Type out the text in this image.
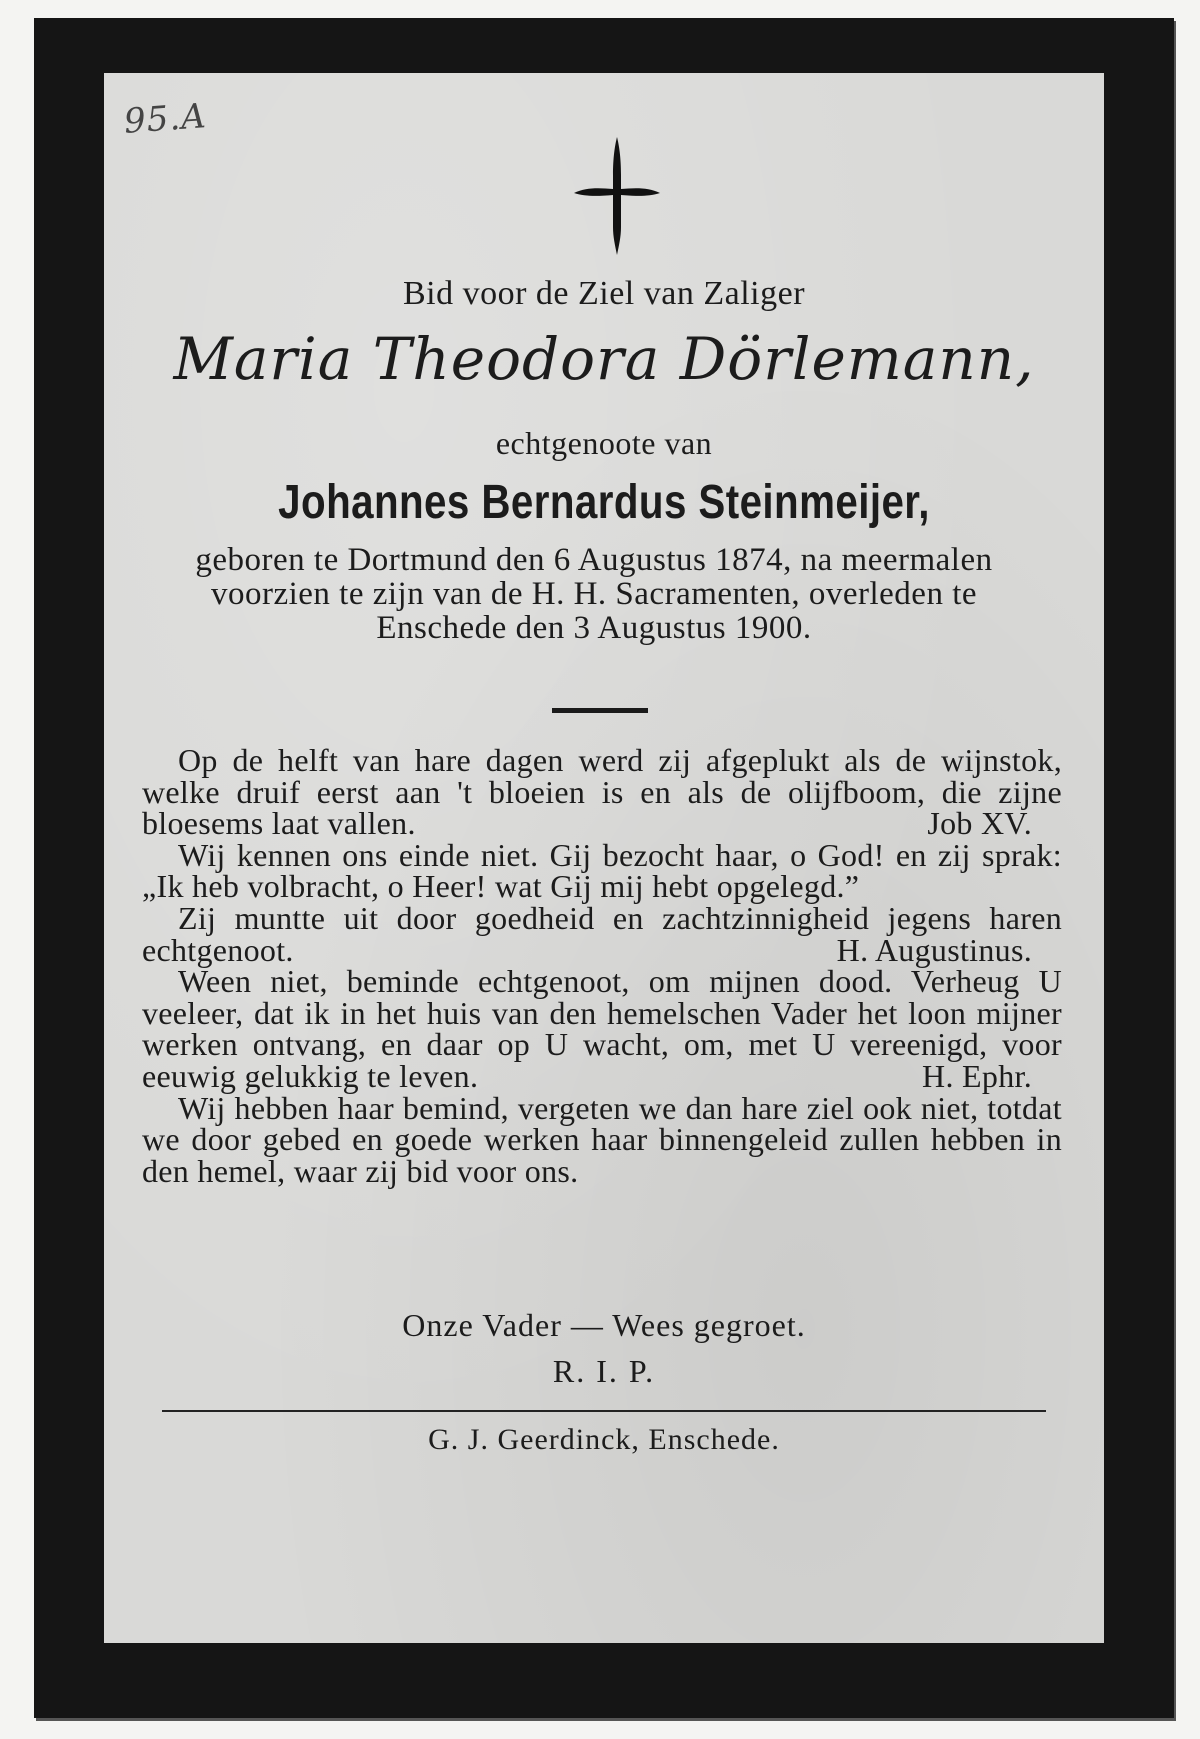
95.A
Bid voor de Ziel van Zaliger
Maria Theodora Dörlemann,
echtgenoote van
Johannes Bernardus Steinmeijer,
geboren te Dortmund den 6 Augustus 1874, na meermalen voorzien te zijn van de H. H. Sacramenten, overleden te Enschede den 3 Augustus 1900.
Op de helft van hare dagen werd zij afgeplukt als de wijnstok, welke druif eerst aan 't bloeien is en als de olijfboom, die zijne bloesems laat vallen.	Job XV.
Wij kennen ons einde niet. Gij bezocht haar, o God! en zij sprak: „Ik heb volbracht, o Heer! wat Gij mij hebt opgelegd.”
Zij muntte uit door goedheid en zachtzinnigheid jegens haren echtgenoot.	H. Augustinus.
Ween niet, beminde echtgenoot, om mijnen dood. Verheug U veeleer, dat ik in het huis van den hemelschen Vader het loon mijner werken ontvang, en daar op U wacht, om, met U vereenigd, voor eeuwig gelukkig te leven.	H. Ephr.
Wij hebben haar bemind, vergeten we dan hare ziel ook niet, totdat we door gebed en goede werken haar binnengeleid zullen hebben in den hemel, waar zij bid voor ons.
Onze Vader — Wees gegroet.
R. I. P.
G. J. Geerdinck, Enschede.
